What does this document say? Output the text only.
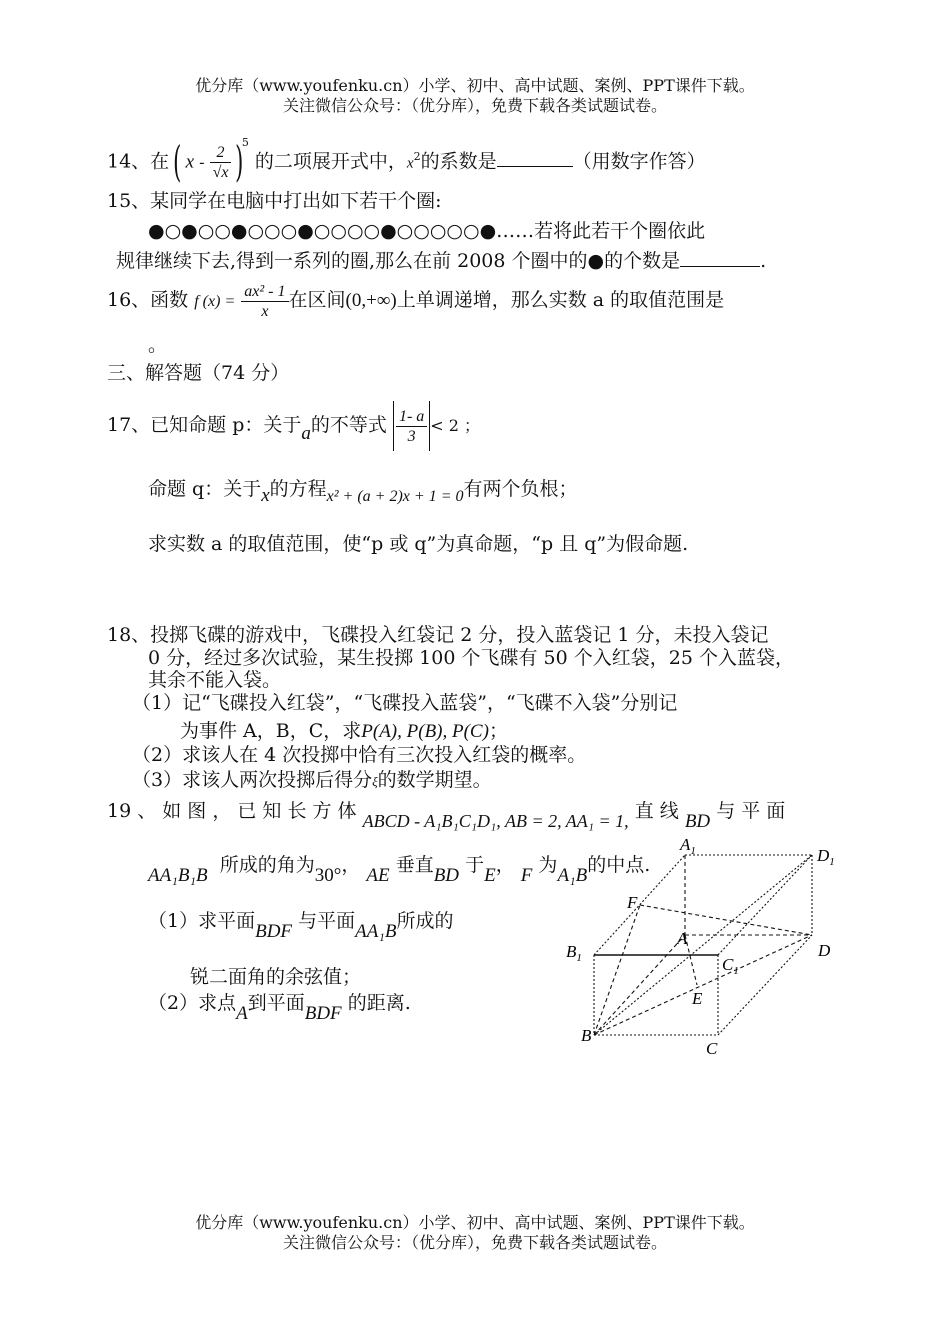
优分库（www.youfenku.cn）小学、初中、高中试题、案例、PPT课件下载。
关注微信公众号：（优分库），免费下载各类试题试卷。
14、在( x - $\frac{2}{√x} )^5$的二项展开式中，$x^2$的系数是	（用数字作答）
15、某同学在电脑中打出如下若干个圈:
●○●○○●○○○●○○○○●○○○○○●……若将此若干个圈依此
规律继续下去,得到一系列的圈,那么在前 2008 个圈中的●的个数是	.
16、函数 f $(x) = \frac{\text{ax² - 1}}{x}$ 在区间(0,+∞)上单调递增，那么实数 a 的取值范围是
。
三、解答题（74 分）
17、已知命题 p：关于a的不等式 $\frac{1- a}{3} < 2$ ；
命题 q：关于x的方程$_{x^2 + (a + 2)x + 1 = 0}$有两个负根；
求实数 a 的取值范围，使“p 或 q”为真命题，“p 且 q”为假命题.
18、投掷飞碟的游戏中，飞碟投入红袋记 2 分，投入蓝袋记 1 分，未投入袋记
0 分，经过多次试验，某生投掷 100 个飞碟有 50 个入红袋，25 个入蓝袋，
其余不能入袋。
（1）记“飞碟投入红袋”，“飞碟投入蓝袋”，“飞碟不入袋”分别记
为事件 A，B，C，求P(A), P(B), P(C)；
（2）求该人在 4 次投掷中恰有三次投入红袋的概率。
（3）求该人两次投掷后得分ξ的数学期望。
19 、 如 图 ， 已 知 长 方 体 ABCD - A₁B₁C₁D₁, AB = 2, AA₁ = 1, 直 线 BD 与 平 面
AA₁B₁B 所成的角为30°， AE 垂直BD 于E， F 为A₁B的中点.
（1）求平面BDF 与平面AA₁B所成的
锐二面角的余弦值；
（2）求点A到平面BDF 的距离.
$A_1$	$D_1$
F
A
D
$B_1$	$C_1$
E
B
C
优分库（www.youfenku.cn）小学、初中、高中试题、案例、PPT课件下载。
关注微信公众号：（优分库），免费下载各类试题试卷。
